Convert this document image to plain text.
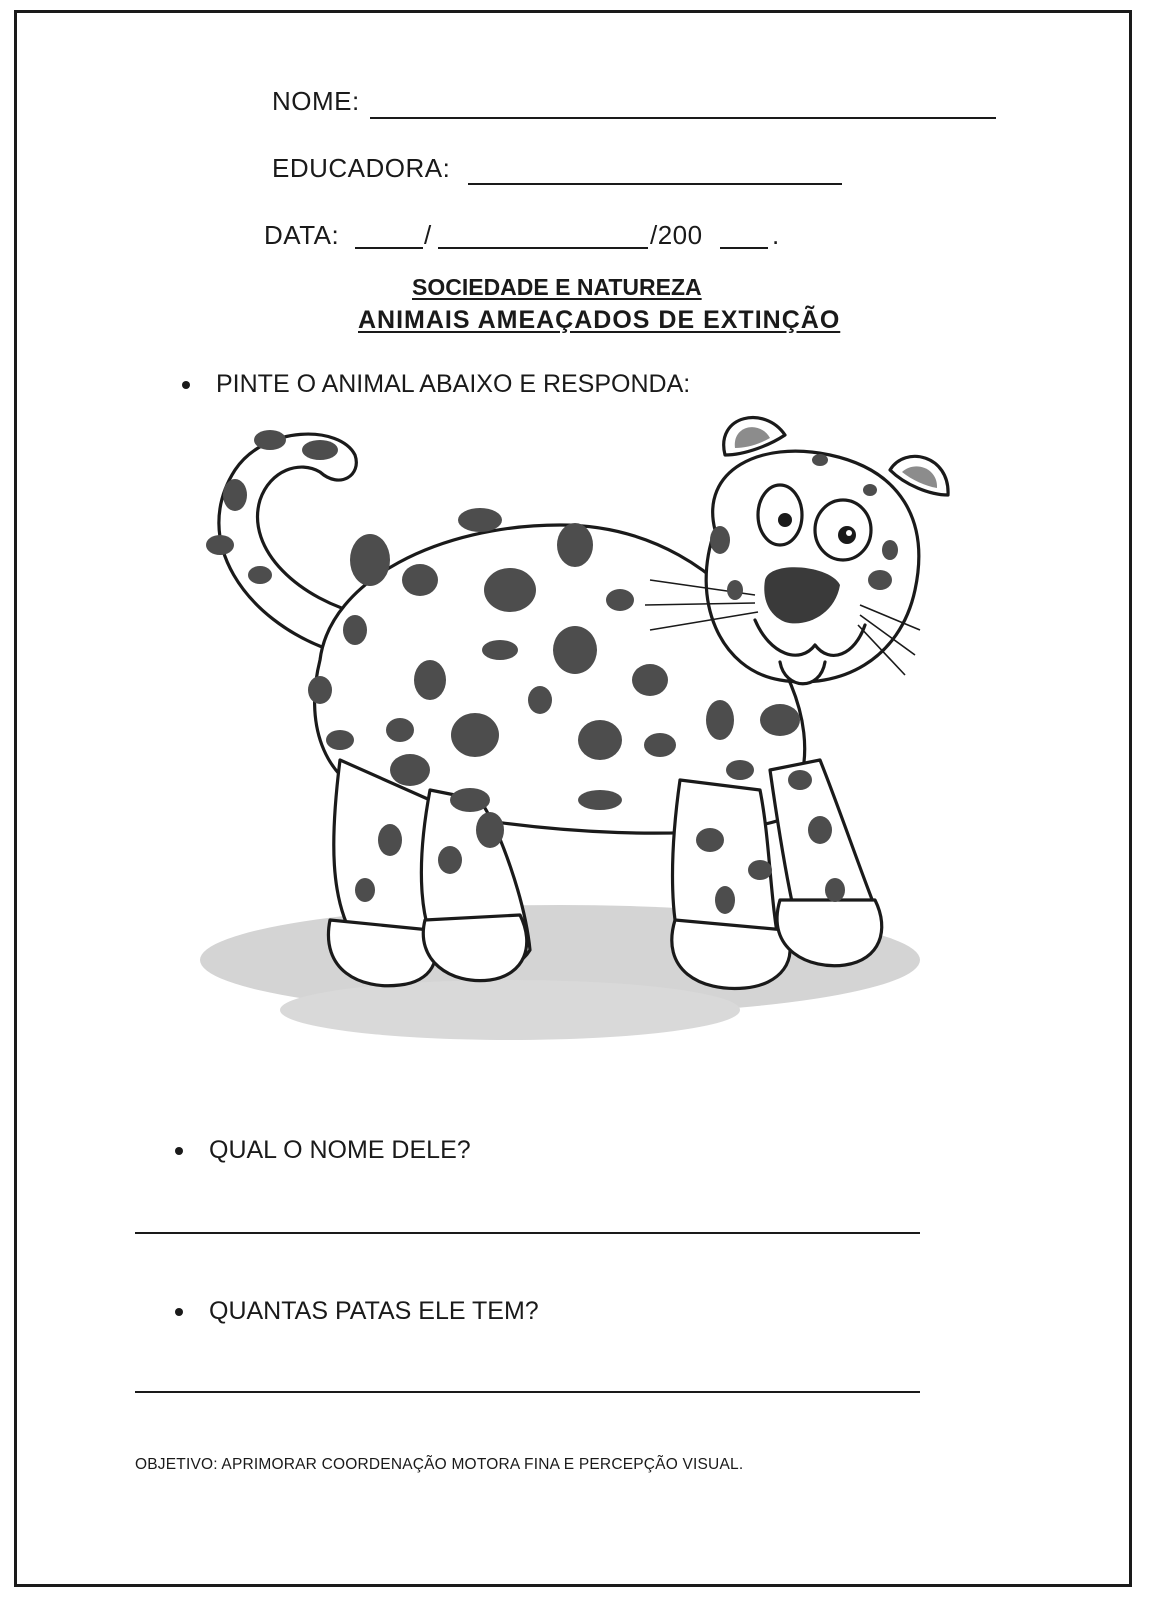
NOME:
EDUCADORA:
DATA:	/	/200	.
SOCIEDADE E NATUREZA
ANIMAIS AMEAÇADOS DE EXTINÇÃO
PINTE O ANIMAL ABAIXO E RESPONDA:
QUAL O NOME DELE?
QUANTAS PATAS ELE TEM?
OBJETIVO: APRIMORAR COORDENAÇÃO MOTORA FINA E PERCEPÇÃO VISUAL.
